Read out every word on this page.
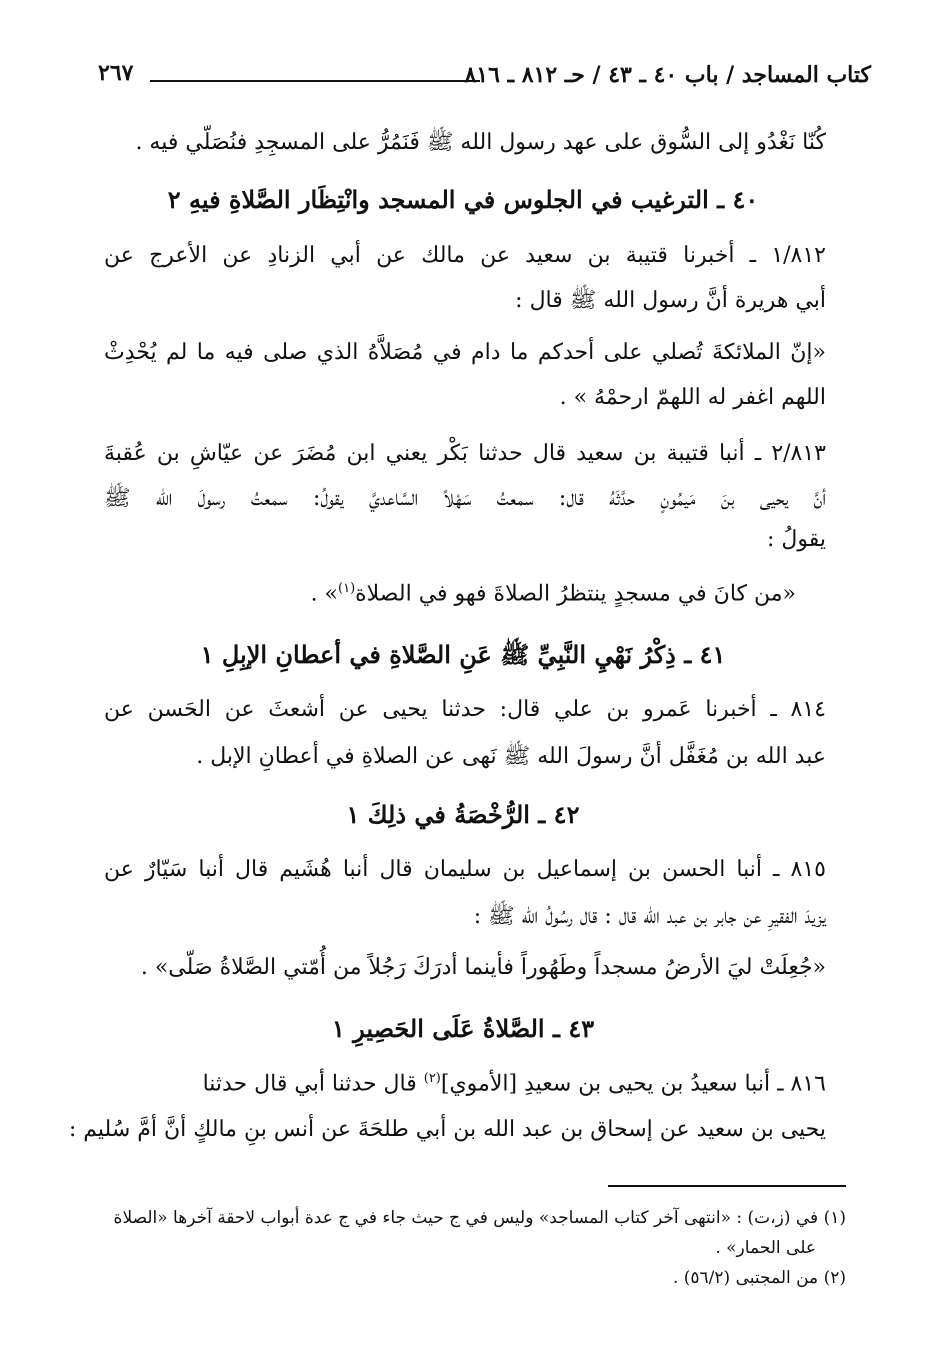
كتاب المساجد / باب ٤٠ ـ ٤٣ / حـ ٨١٢ ـ ٨١٦
٢٦٧
كُنّا نَغْدُو إلى السُّوق على عهد رسول الله ﷺ فَنَمُرُّ على المسجِدِ فنُصَلّي فيه .
٤٠ ـ الترغيب في الجلوس في المسجد وانْتِظَار الصَّلاةِ فيهِ ٢
١/٨١٢ ـ أخبرنا قتيبة بن سعيد عن مالك عن أبي الزنادِ عن الأعرج عن
أبي هريرة أنَّ رسول الله ﷺ قال :
«إنّ الملائكةَ تُصلي على أحدكم ما دام في مُصَلاَّهُ الذي صلى فيه ما لم يُحْدِثْ
اللهم اغفر له اللهمّ ارحمْهُ » .
٢/٨١٣ ـ أنبا قتيبة بن سعيد قال حدثنا بَكْر يعني ابن مُضَرَ عن عيّاشِ بن عُقبةَ
أنَّ يحيى بنَ مَيمُونٍ حدَّثَهُ قال: سمعتُ سَهْلاً السَّاعديَّ يقولُ: سمعتُ رسولَ الله ﷺ
يقولُ :
«من كانَ في مسجدٍ ينتظرُ الصلاةَ فهو في الصلاة$^{(١)}$» .
٤١ ـ ذِكْرُ نَهْيِ النَّبِيِّ ﷺ عَنِ الصَّلاةِ في أعطانِ الإبِلِ ١
٨١٤ ـ أخبرنا عَمرو بن علي قال: حدثنا يحيى عن أشعثَ عن الحَسن عن
عبد الله بن مُغَفَّل أنَّ رسولَ الله ﷺ نَهى عن الصلاةِ في أعطانِ الإبل .
٤٢ ـ الرُّخْصَةُ في ذلِكَ ١
٨١٥ ـ أنبا الحسن بن إسماعيل بن سليمان قال أنبا هُشَيم قال أنبا سَيّارٌ عن
يزيدَ الفقيرِ عن جابر بن عبد الله قال : قال رسُولُ الله ﷺ :
«جُعِلَتْ ليَ الأرضُ مسجداً وطَهُوراً فأينما أدرَكَ رَجُلاً من أُمّتي الصَّلاةُ صَلّى» .
٤٣ ـ الصَّلاةُ عَلَى الحَصِيرِ ١
٨١٦ ـ أنبا سعيدُ بن يحيى بن سعيدِ [الأموي]$^{(٢)}$ قال حدثنا أبي قال حدثنا
يحيى بن سعيد عن إسحاق بن عبد الله بن أبي طلحَةَ عن أنس بنِ مالكٍ أنَّ أمَّ سُليم :
(١) في (ز،ت) : «انتهى آخر كتاب المساجد» وليس في ج حيث جاء في ج عدة أبواب لاحقة آخرها «الصلاة
على الحمار» .
(٢) من المجتبى (٥٦/٢) .
